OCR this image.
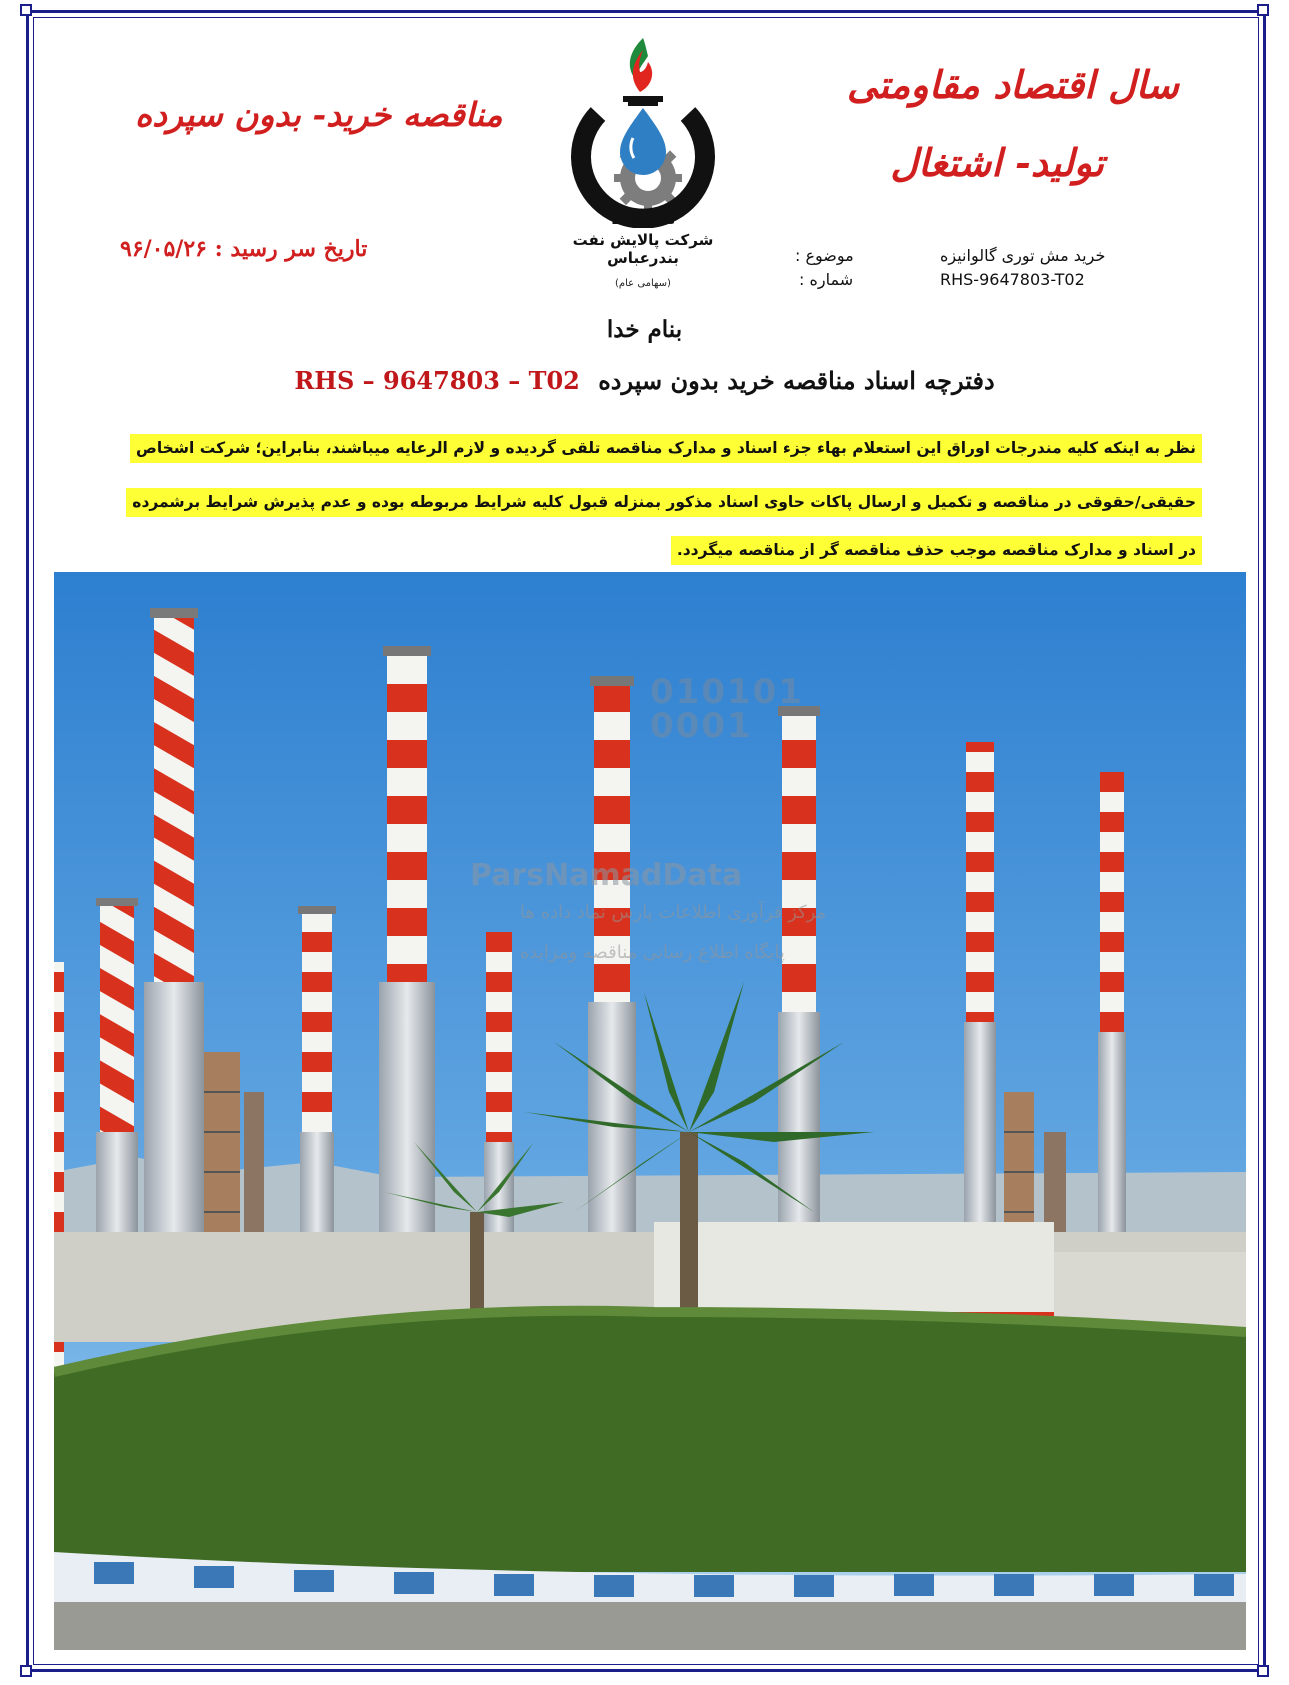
سال اقتصاد مقاومتی
تولید- اشتغال
مناقصه خرید- بدون سپرده
تاریخ سر رسید : ۹۶/۰۵/۲۶
B.O.R.C
شرکت پالایش نفت بندرعباس
(سهامی عام)
موضوع :	خرید مش توری گالوانیزه
شماره :	RHS-9647803-T02
بنام خدا
دفترچه اسناد مناقصه خرید بدون سپرده RHS – 9647803 – T02
نظر به اینکه کلیه مندرجات اوراق این استعلام بهاء جزء اسناد و مدارک مناقصه تلقی گردیده و لازم الرعایه میباشند، بنابراین؛ شرکت اشخاص
حقیقی/حقوقی در مناقصه و تکمیل و ارسال پاکات حاوی اسناد مذکور بمنزله قبول کلیه شرایط مربوطه بوده و عدم پذیرش شرایط برشمرده
در اسناد و مدارک مناقصه موجب حذف مناقصه گر از مناقصه میگردد.
010101
0001
ParsNamadData
مرکز فرآوری اطلاعات پارس نماد داده ها
پایگاه اطلاع رسانی مناقصه ومزایده
